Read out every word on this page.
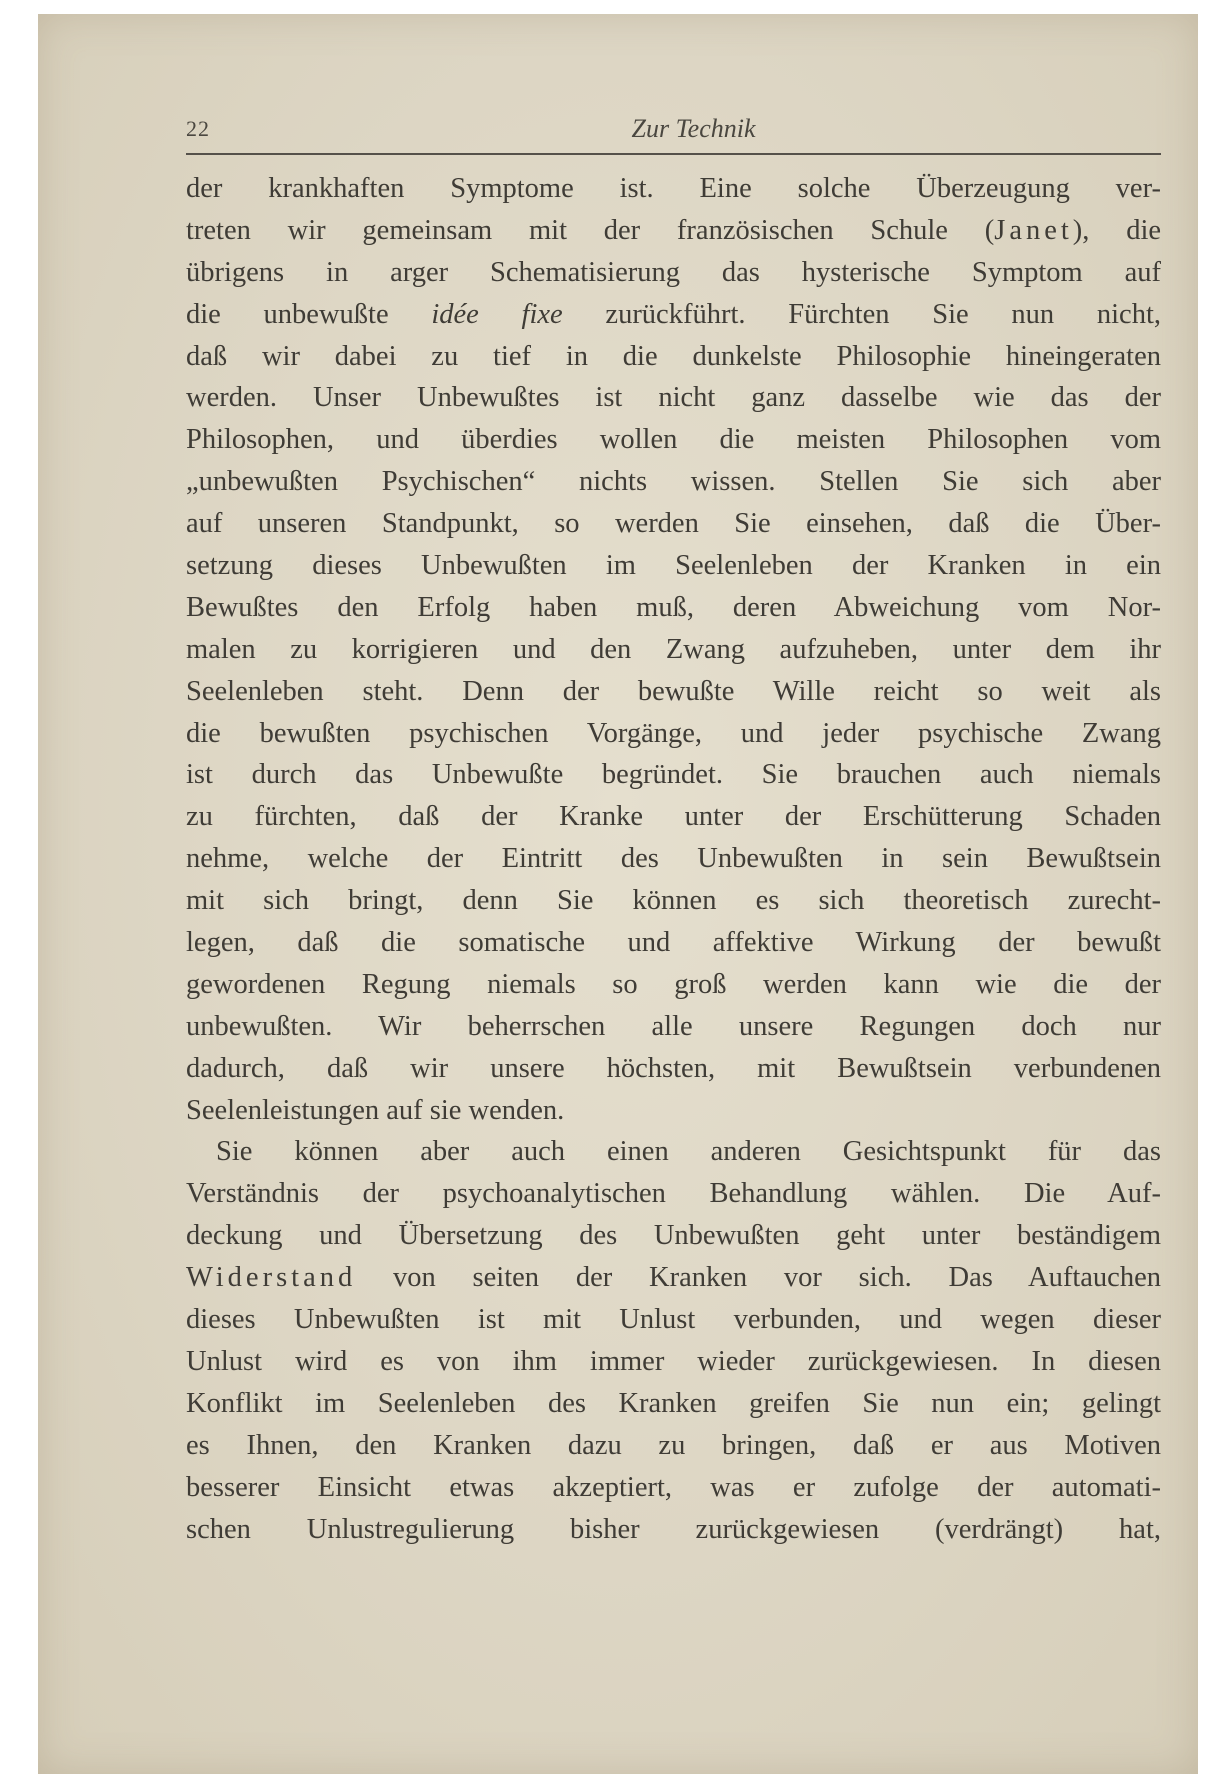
22	Zur Technik
der krankhaften Symptome ist. Eine solche Überzeugung ver-
treten wir gemeinsam mit der französischen Schule (Janet), die
übrigens in arger Schematisierung das hysterische Symptom auf
die unbewußte idée fixe zurückführt. Fürchten Sie nun nicht,
daß wir dabei zu tief in die dunkelste Philosophie hineingeraten
werden. Unser Unbewußtes ist nicht ganz dasselbe wie das der
Philosophen, und überdies wollen die meisten Philosophen vom
„unbewußten Psychischen“ nichts wissen. Stellen Sie sich aber
auf unseren Standpunkt, so werden Sie einsehen, daß die Über-
setzung dieses Unbewußten im Seelenleben der Kranken in ein
Bewußtes den Erfolg haben muß, deren Abweichung vom Nor-
malen zu korrigieren und den Zwang aufzuheben, unter dem ihr
Seelenleben steht. Denn der bewußte Wille reicht so weit als
die bewußten psychischen Vorgänge, und jeder psychische Zwang
ist durch das Unbewußte begründet. Sie brauchen auch niemals
zu fürchten, daß der Kranke unter der Erschütterung Schaden
nehme, welche der Eintritt des Unbewußten in sein Bewußtsein
mit sich bringt, denn Sie können es sich theoretisch zurecht-
legen, daß die somatische und affektive Wirkung der bewußt
gewordenen Regung niemals so groß werden kann wie die der
unbewußten. Wir beherrschen alle unsere Regungen doch nur
dadurch, daß wir unsere höchsten, mit Bewußtsein verbundenen
Seelenleistungen auf sie wenden.
Sie können aber auch einen anderen Gesichtspunkt für das
Verständnis der psychoanalytischen Behandlung wählen. Die Auf-
deckung und Übersetzung des Unbewußten geht unter beständigem
Widerstand von seiten der Kranken vor sich. Das Auftauchen
dieses Unbewußten ist mit Unlust verbunden, und wegen dieser
Unlust wird es von ihm immer wieder zurückgewiesen. In diesen
Konflikt im Seelenleben des Kranken greifen Sie nun ein; gelingt
es Ihnen, den Kranken dazu zu bringen, daß er aus Motiven
besserer Einsicht etwas akzeptiert, was er zufolge der automati-
schen Unlustregulierung bisher zurückgewiesen (verdrängt) hat,
